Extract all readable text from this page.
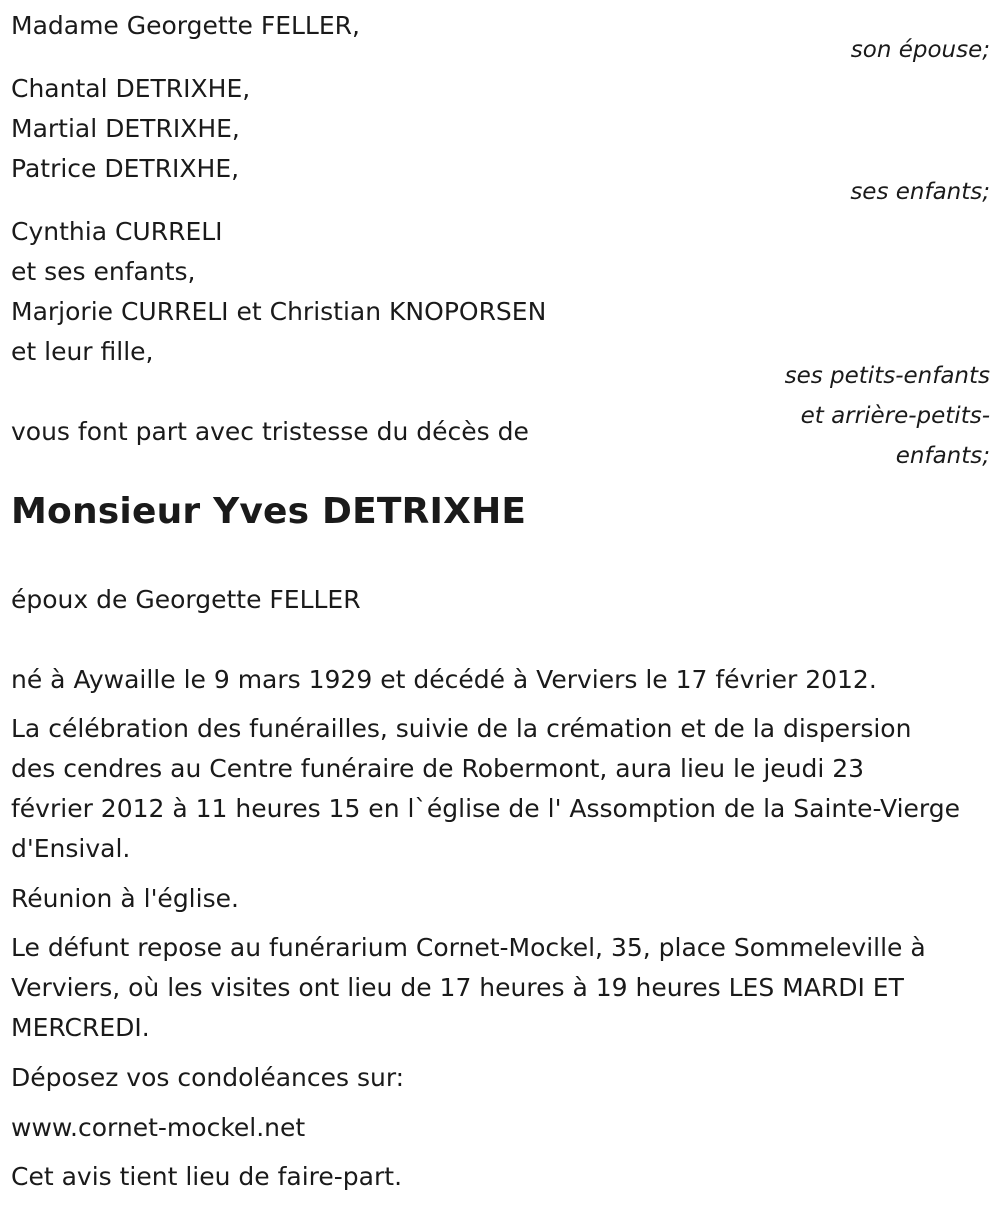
Madame Georgette FELLER,

son épouse;

Chantal DETRIXHE,

Martial DETRIXHE,

Patrice DETRIXHE,

ses enfants;

Cynthia CURRELI

et ses enfants,

Marjorie CURRELI et Christian KNOPORSEN

et leur fille,

ses petits-enfants

et arrière-petits-

enfants;

vous font part avec tristesse du décès de

Monsieur Yves DETRIXHE

époux de Georgette FELLER

né à Aywaille le 9 mars 1929 et décédé à Verviers le 17 février 2012.

La célébration des funérailles, suivie de la crémation et de la dispersion
des cendres au Centre funéraire de Robermont, aura lieu le jeudi 23
février 2012 à 11 heures 15 en l`église de l' Assomption de la Sainte-Vierge
d'Ensival.

Réunion à l'église.

Le défunt repose au funérarium Cornet-Mockel, 35, place Sommeleville à
Verviers, où les visites ont lieu de 17 heures à 19 heures LES MARDI ET
MERCREDI.

Déposez vos condoléances sur:

www.cornet-mockel.net

Cet avis tient lieu de faire-part.
